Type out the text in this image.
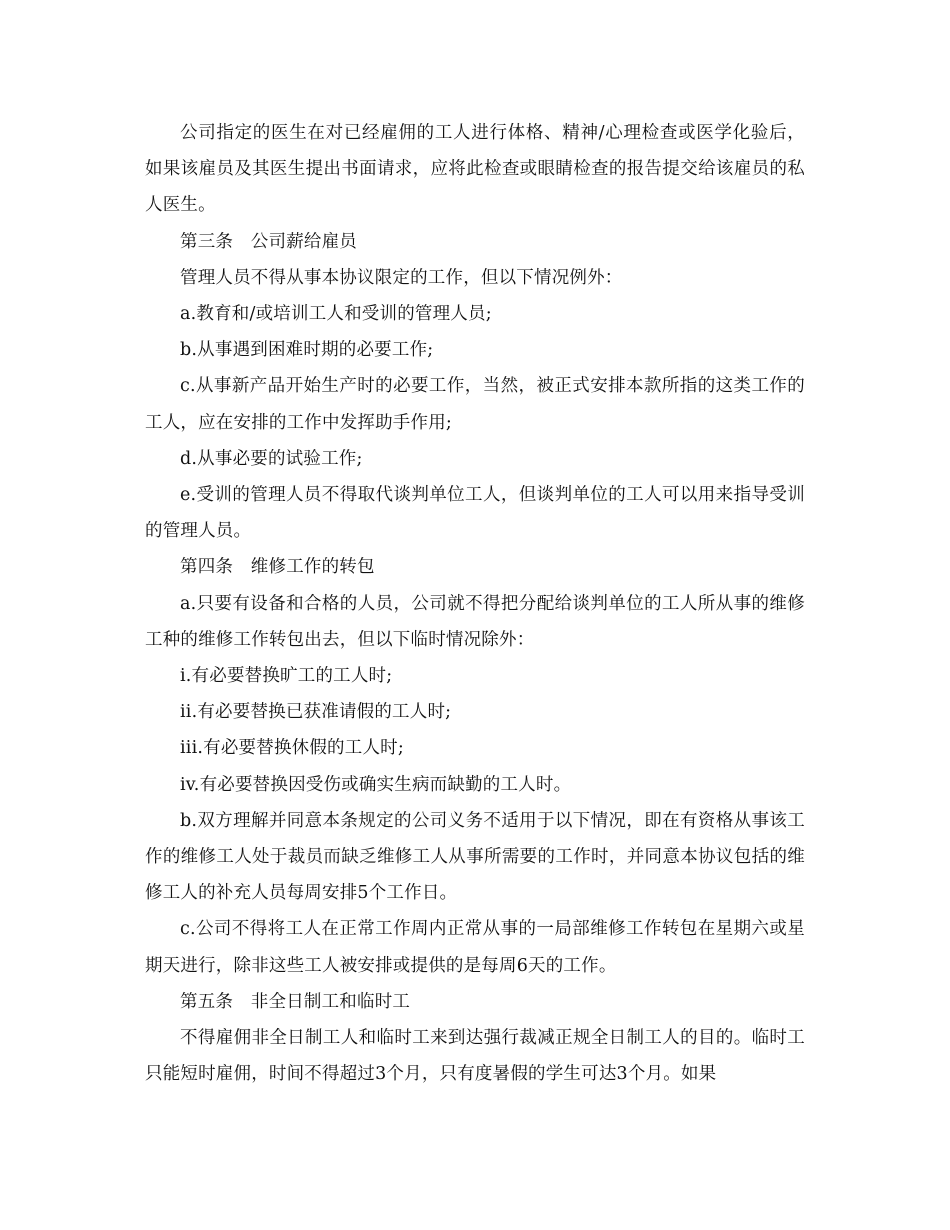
公司指定的医生在对已经雇佣的工人进行体格、精神/心理检查或医学化验后，如果该雇员及其医生提出书面请求，应将此检查或眼睛检查的报告提交给该雇员的私人医生。

第三条　公司薪给雇员

管理人员不得从事本协议限定的工作，但以下情况例外：

a.教育和/或培训工人和受训的管理人员;

b.从事遇到困难时期的必要工作;

c.从事新产品开始生产时的必要工作，当然，被正式安排本款所指的这类工作的工人，应在安排的工作中发挥助手作用;

d.从事必要的试验工作;

e.受训的管理人员不得取代谈判单位工人，但谈判单位的工人可以用来指导受训的管理人员。

第四条　维修工作的转包

a.只要有设备和合格的人员，公司就不得把分配给谈判单位的工人所从事的维修工种的维修工作转包出去，但以下临时情况除外：

i.有必要替换旷工的工人时;

ii.有必要替换已获准请假的工人时;

iii.有必要替换休假的工人时;

iv.有必要替换因受伤或确实生病而缺勤的工人时。

b.双方理解并同意本条规定的公司义务不适用于以下情况，即在有资格从事该工作的维修工人处于裁员而缺乏维修工人从事所需要的工作时，并同意本协议包括的维修工人的补充人员每周安排5个工作日。

c.公司不得将工人在正常工作周内正常从事的一局部维修工作转包在星期六或星期天进行，除非这些工人被安排或提供的是每周6天的工作。

第五条　非全日制工和临时工

不得雇佣非全日制工人和临时工来到达强行裁减正规全日制工人的目的。临时工只能短时雇佣，时间不得超过3个月，只有度暑假的学生可达3个月。如果
